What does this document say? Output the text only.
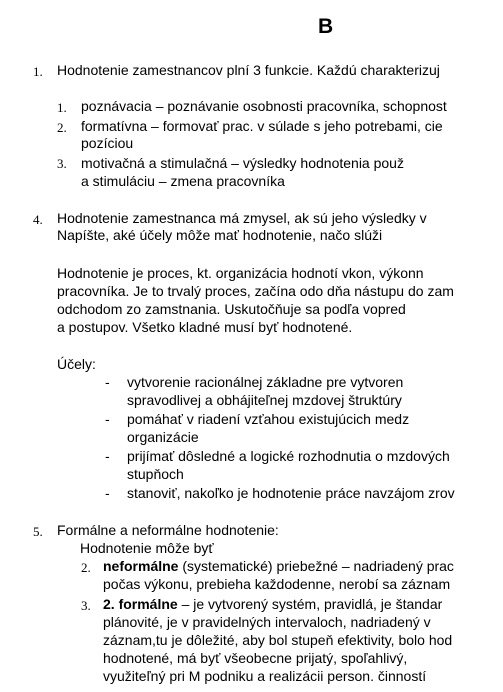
B
1. Hodnotenie zamestnancov plní 3 funkcie. Každú charakterizuj
1. poznávacia – poznávanie osobnosti pracovníka, schopnost
2. formatívna – formovať prac. v súlade s jeho potrebami, cie
pozíciou
3. motivačná a stimulačná – výsledky hodnotenia použ
a stimuláciu – zmena pracovníka
4. Hodnotenie zamestnanca má zmysel, ak sú jeho výsledky v
Napíšte, aké účely môže mať hodnotenie, načo slúži
Hodnotenie je proces, kt. organizácia hodnotí vkon, výkonn
pracovníka. Je to trvalý proces, začína odo dňa nástupu do zam
odchodom zo zamstnania. Uskutočňuje sa podľa vopred
a postupov. Všetko kladné musí byť hodnotené.
Účely:
- vytvorenie racionálnej základne pre vytvoren
spravodlivej a obhájiteľnej mzdovej štruktúry
- pomáhať v riadení vzťahou existujúcich medz
organizácie
- prijímať dôsledné a logické rozhodnutia o mzdových
stupňoch
- stanoviť, nakoľko je hodnotenie práce navzájom zrov
5. Formálne a neformálne hodnotenie:
Hodnotenie môže byť
2. neformálne (systematické) priebežné – nadriadený prac
počas výkonu, prebieha každodenne, nerobí sa záznam
3. 2. formálne – je vytvorený systém, pravidlá, je štandar
plánovité, je v pravidelných intervaloch, nadriadený v
záznam,tu je dôležité, aby bol stupeň efektivity, bolo hod
hodnotené, má byť všeobecne prijatý, spoľahlivý,
využiteľný pri M podniku a realizácii person. činností
